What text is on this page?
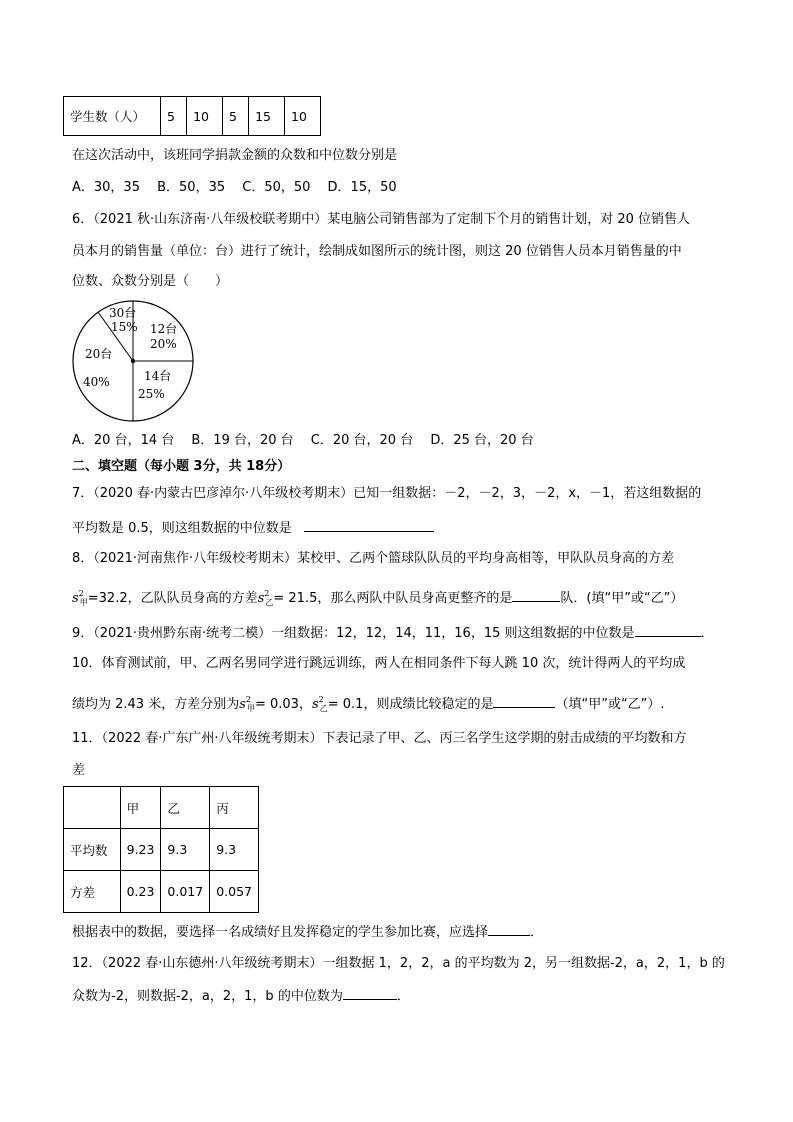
学生数（人）	5	10	5	15	10
在这次活动中，该班同学捐款金额的众数和中位数分别是
A．30，35　 B．50，35　 C．50，50　 D．15，50
6．（2021 秋·山东济南·八年级校联考期中）某电脑公司销售部为了定制下个月的销售计划，对 20 位销售人
员本月的销售量（单位：台）进行了统计，绘制成如图所示的统计图，则这 20 位销售人员本月销售量的中
位数、众数分别是（　　）
30台
15% 12台
20%
20台
40%	14台
25%
A．20 台，14 台　 B．19 台，20 台　 C．20 台，20 台　 D．25 台，20 台
二、填空题（每小题 3分，共 18分）
7．（2020 春·内蒙古巴彦淖尔·八年级校考期末）已知一组数据：－2，－2，3，－2，x，－1，若这组数据的
平均数是 0.5，则这组数据的中位数是
8．（2021·河南焦作·八年级校考期末）某校甲、乙两个篮球队队员的平均身高相等，甲队队员身高的方差
$s^2_甲=32.2$，乙队队员身高的方差$s^2_乙= 21.5$，那么两队中队员身高更整齐的是	队．(填“甲”或“乙”）
9．（2021·贵州黔东南·统考二模）一组数据：12，12，14，11，16，15 则这组数据的中位数是	．
10．体育测试前，甲、乙两名男同学进行跳远训练，两人在相同条件下每人跳 10 次，统计得两人的平均成
绩均为 2.43 米，方差分别为$s^2_甲= 0.03$，$s^2_乙= 0.1$，则成绩比较稳定的是	（填“甲”或“乙”）.
11．（2022 春·广东广州·八年级统考期末）下表记录了甲、乙、丙三名学生这学期的射击成绩的平均数和方
差
	甲	乙	丙
平均数	9.23	9.3	9.3
方差	0.23	0.017	0.057
根据表中的数据，要选择一名成绩好且发挥稳定的学生参加比赛，应选择	．
12．（2022 春·山东德州·八年级统考期末）一组数据 1，2，2，a 的平均数为 2，另一组数据-2，a，2，1，b 的
众数为-2，则数据-2，a，2，1，b 的中位数为	．
